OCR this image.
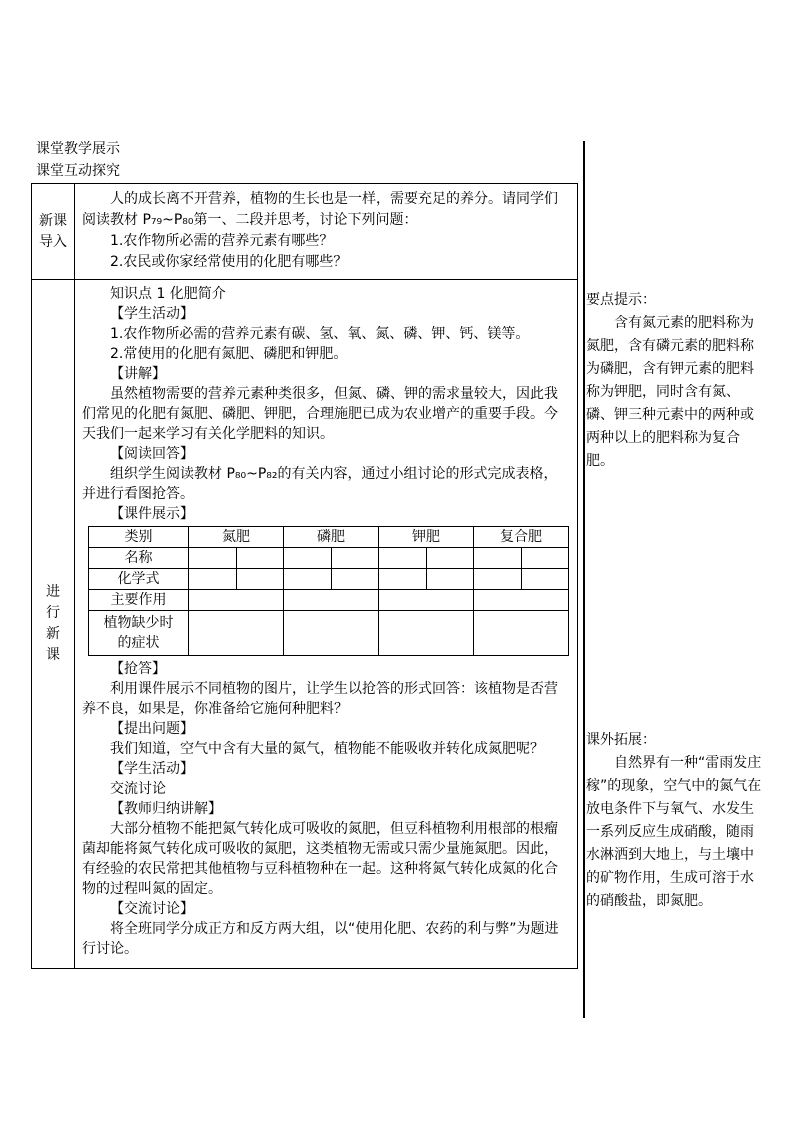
课堂教学展示
课堂互动探究
新课
导入

人的成长离不开营养，植物的生长也是一样，需要充足的养分。请同学们阅读教材 P₇₉~P₈₀第一、二段并思考，讨论下列问题：

1.农作物所必需的营养元素有哪些？

2.农民或你家经常使用的化肥有哪些？

进
行
新
课

知识点 1 化肥简介

【学生活动】

1.农作物所必需的营养元素有碳、氢、氧、氮、磷、钾、钙、镁等。

2.常使用的化肥有氮肥、磷肥和钾肥。

【讲解】

虽然植物需要的营养元素种类很多，但氮、磷、钾的需求量较大，因此我们常见的化肥有氮肥、磷肥、钾肥，合理施肥已成为农业增产的重要手段。今天我们一起来学习有关化学肥料的知识。

【阅读回答】

组织学生阅读教材 P₈₀~P₈₂的有关内容，通过小组讨论的形式完成表格，并进行看图抢答。

【课件展示】

类别	氮肥		磷肥		钾肥		复合肥	
名称								
化学式								
主要作用								

植物缺少时
的症状								

【抢答】

利用课件展示不同植物的图片，让学生以抢答的形式回答：该植物是否营养不良，如果是，你准备给它施何种肥料？

【提出问题】

我们知道，空气中含有大量的氮气，植物能不能吸收并转化成氮肥呢？

【学生活动】

交流讨论

【教师归纳讲解】

大部分植物不能把氮气转化成可吸收的氮肥，但豆科植物利用根部的根瘤菌却能将氮气转化成可吸收的氮肥，这类植物无需或只需少量施氮肥。因此，有经验的农民常把其他植物与豆科植物种在一起。这种将氮气转化成氮的化合物的过程叫氮的固定。

【交流讨论】

将全班同学分成正方和反方两大组，以“使用化肥、农药的利与弊”为题进行讨论。

要点提示：

含有氮元素的肥料称为氮肥，含有磷元素的肥料称为磷肥，含有钾元素的肥料称为钾肥，同时含有氮、磷、钾三种元素中的两种或两种以上的肥料称为复合肥。

课外拓展：

自然界有一种“雷雨发庄稼”的现象，空气中的氮气在放电条件下与氧气、水发生一系列反应生成硝酸，随雨水淋洒到大地上，与土壤中的矿物作用，生成可溶于水的硝酸盐，即氮肥。
